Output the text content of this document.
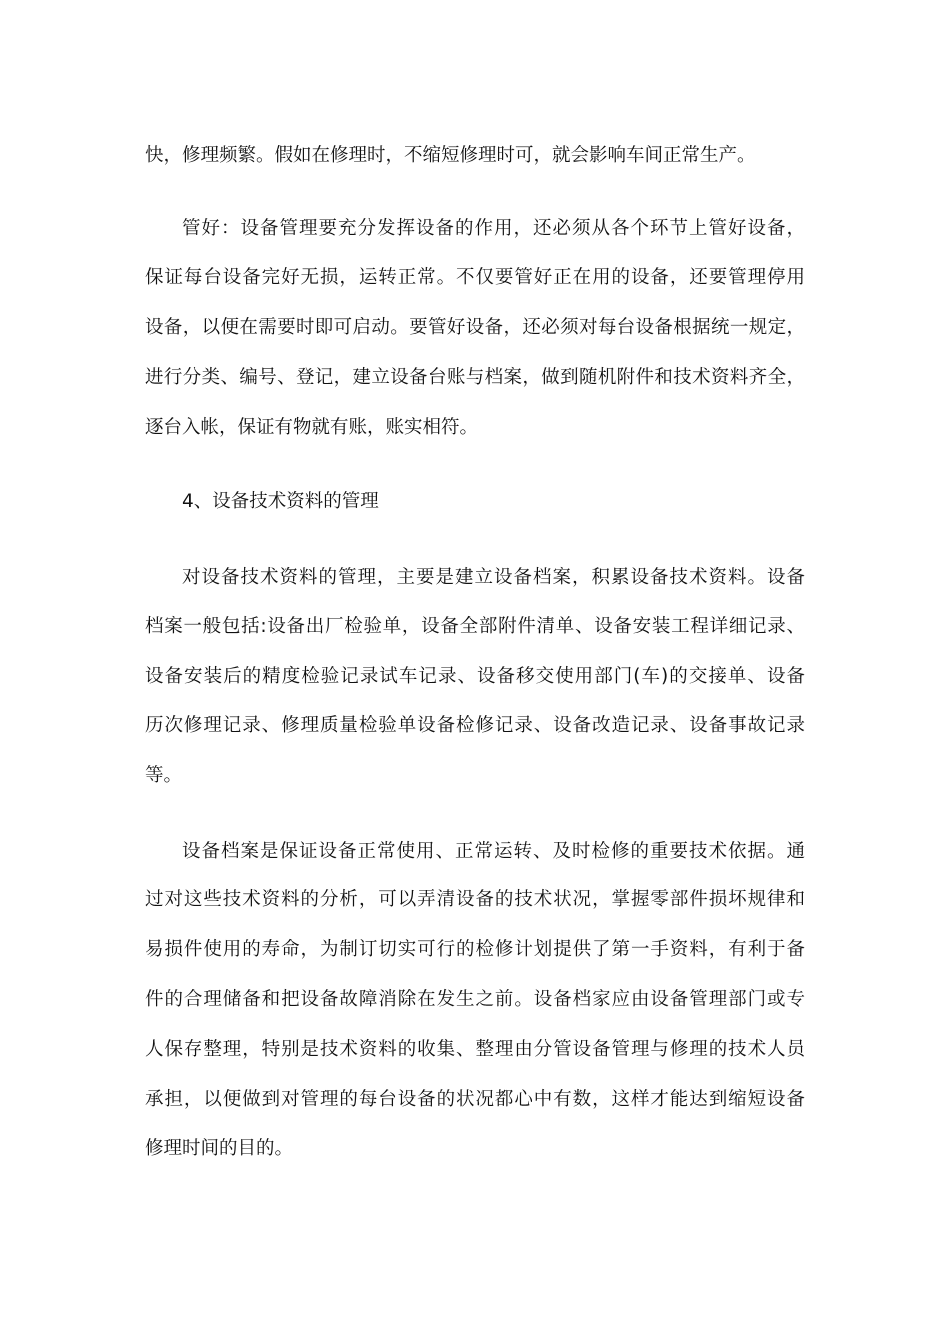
快，修理频繁。假如在修理时，不缩短修理时可，就会影响车间正常生产。
管好：设备管理要充分发挥设备的作用，还必须从各个环节上管好设备，
保证每台设备完好无损，运转正常。不仅要管好正在用的设备，还要管理停用
设备，以便在需要时即可启动。要管好设备，还必须对每台设备根据统一规定，
进行分类、编号、登记，建立设备台账与档案，做到随机附件和技术资料齐全，
逐台入帐，保证有物就有账，账实相符。
4、设备技术资料的管理
对设备技术资料的管理，主要是建立设备档案，积累设备技术资料。设备
档案一般包括:设备出厂检验单，设备全部附件清单、设备安装工程详细记录、
设备安装后的精度检验记录试车记录、设备移交使用部门(车)的交接单、设备
历次修理记录、修理质量检验单设备检修记录、设备改造记录、设备事故记录
等。
设备档案是保证设备正常使用、正常运转、及时检修的重要技术依据。通
过对这些技术资料的分析，可以弄清设备的技术状况，掌握零部件损坏规律和
易损件使用的寿命，为制订切实可行的检修计划提供了第一手资料，有利于备
件的合理储备和把设备故障消除在发生之前。设备档家应由设备管理部门或专
人保存整理，特别是技术资料的收集、整理由分管设备管理与修理的技术人员
承担，以便做到对管理的每台设备的状况都心中有数，这样才能达到缩短设备
修理时间的目的。
